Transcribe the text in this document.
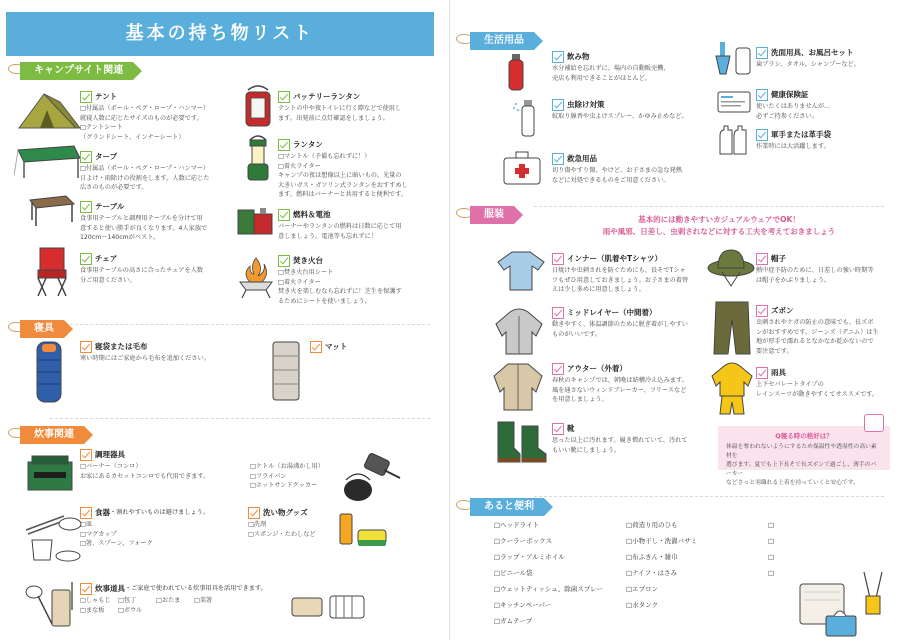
基本の持ち物リスト
キャンプサイト関連
テント
□付属品（ポール・ペグ・ロープ・ハンマー）
就寝人数に応じたサイズのものが必要です。
□テントシート
（グランドシート、インナーシート）
タープ
□付属品（ポール・ペグ・ロープ・ハンマー）
日よけ・雨除けの役割をします。人数に応じた
広さのものが必要です。
テーブル
食事用テーブルと調理用テーブルを分けて用
意すると使い勝手が良くなります。4人家族で
120cm〜140cmがベスト。
チェア
食事用テーブルの高さに合ったチェアを人数
分ご用意ください。
バッテリーランタン
テントの中や夜トイレに行く際などで使用し
ます。出発前に点灯確認をしましょう。
ランタン
□マントル（予備も忘れずに！）
□着火ライター
キャンプの夜は想像以上に暗いもの。光量の
大きいガス・ガソリン式ランタンをおすすめし
ます。燃料はバーナーと共用すると便利です。
燃料＆電池
バーナーやランタンの燃料は日数に応じて用
意しましょう。電池等も忘れずに！
焚き火台
□焚き火台用シート
□着火ライター
焚き火を楽しむなら忘れずに！芝生を保護す
るためにシートを使いましょう。
寝具
寝袋または毛布
寒い時期にはご家庭から毛布を追加ください。
マット
炊事関連
調理器具
□バーナー（コンロ）
お家にあるカセットコンロでも代用できます。
□ケトル（お湯沸かし用）
□フライパン
□ホットサンドクッカー
食器 ・割れやすいものは避けましょう。
□皿
□マグカップ
□箸、スプーン、フォーク
洗い物グッズ
□洗剤
□スポンジ・たわしなど
炊事道具 ・ご家庭で使われている炊事用具を活用できます。
□しゃもじ	□包丁	□おたま	□菜箸
□まな板	□ボウル
生活用品
飲み物
水分補給を忘れずに。場内の自動販売機、
売店も利用できることがほとんど。
虫除け対策
蚊取り線香や虫よけスプレー、かゆみ止めなど。
救急用品
切り傷やすり傷、やけど、お子さまの急な発熱
などに対処できるものをご用意ください。
洗面用具、お風呂セット
歯ブラシ、タオル、シャンプーなど。
健康保険証
使いたくはありませんが…
必ずご持参ください。
軍手または革手袋
作業時には大活躍します。
服装	基本的には動きやすいカジュアルウェアでOK！
雨や風邪、日差し、虫刺されなどに対する工夫を考えておきましょう
インナー（肌着やTシャツ）
日焼けや虫刺されを防ぐためにも、長そでTシャ
ツもぜひ用意しておきましょう。お子さまの着替
えは少し多めに用意しましょう。
ミッドレイヤー（中間着）
動きやすく、体温調節のために脱ぎ着がしやすい
ものがいいです。
アウター（外着）
春秋のキャンプでは、朝晩は結構冷え込みます。
風を通さないウィンドブレーカー、フリースなど
を用意しましょう。
靴
思った以上に汚れます。履き慣れていて、汚れて
もいい靴にしましょう。
帽子
熱中症予防のために、日差しの強い時期等
は帽子をかぶりましょう。
ズボン
虫刺されやケガの防止の意味でも、長ズボ
ンがおすすめです。ジーンズ（デニム）は生
地が厚手で濡れるとなかなか乾かないので
要注意です。
雨具
上下セパレートタイプの
レインスーツが動きやすくてオススメです。
Q寝る時の格好は？
体温を奪われないようにするため保温性や透湿性の高い素材を
選びます。夏でも上下長そで長ズボンで過ごし、薄手のパーカー
などさっと羽織れる上着を持っていくと安心です。
あると便利
□ヘッドライト
□クーラーボックス
□ラップ・アルミホイル
□ビニール袋
□ウェットティッシュ、除菌スプレー
□キッチンペーパー
□ガムテープ
□荷造り用のひも
□小物干し・洗濯バサミ
□布ふきん・雑巾
□ナイフ・はさみ
□エプロン
□水タンク
□
□
□
□
